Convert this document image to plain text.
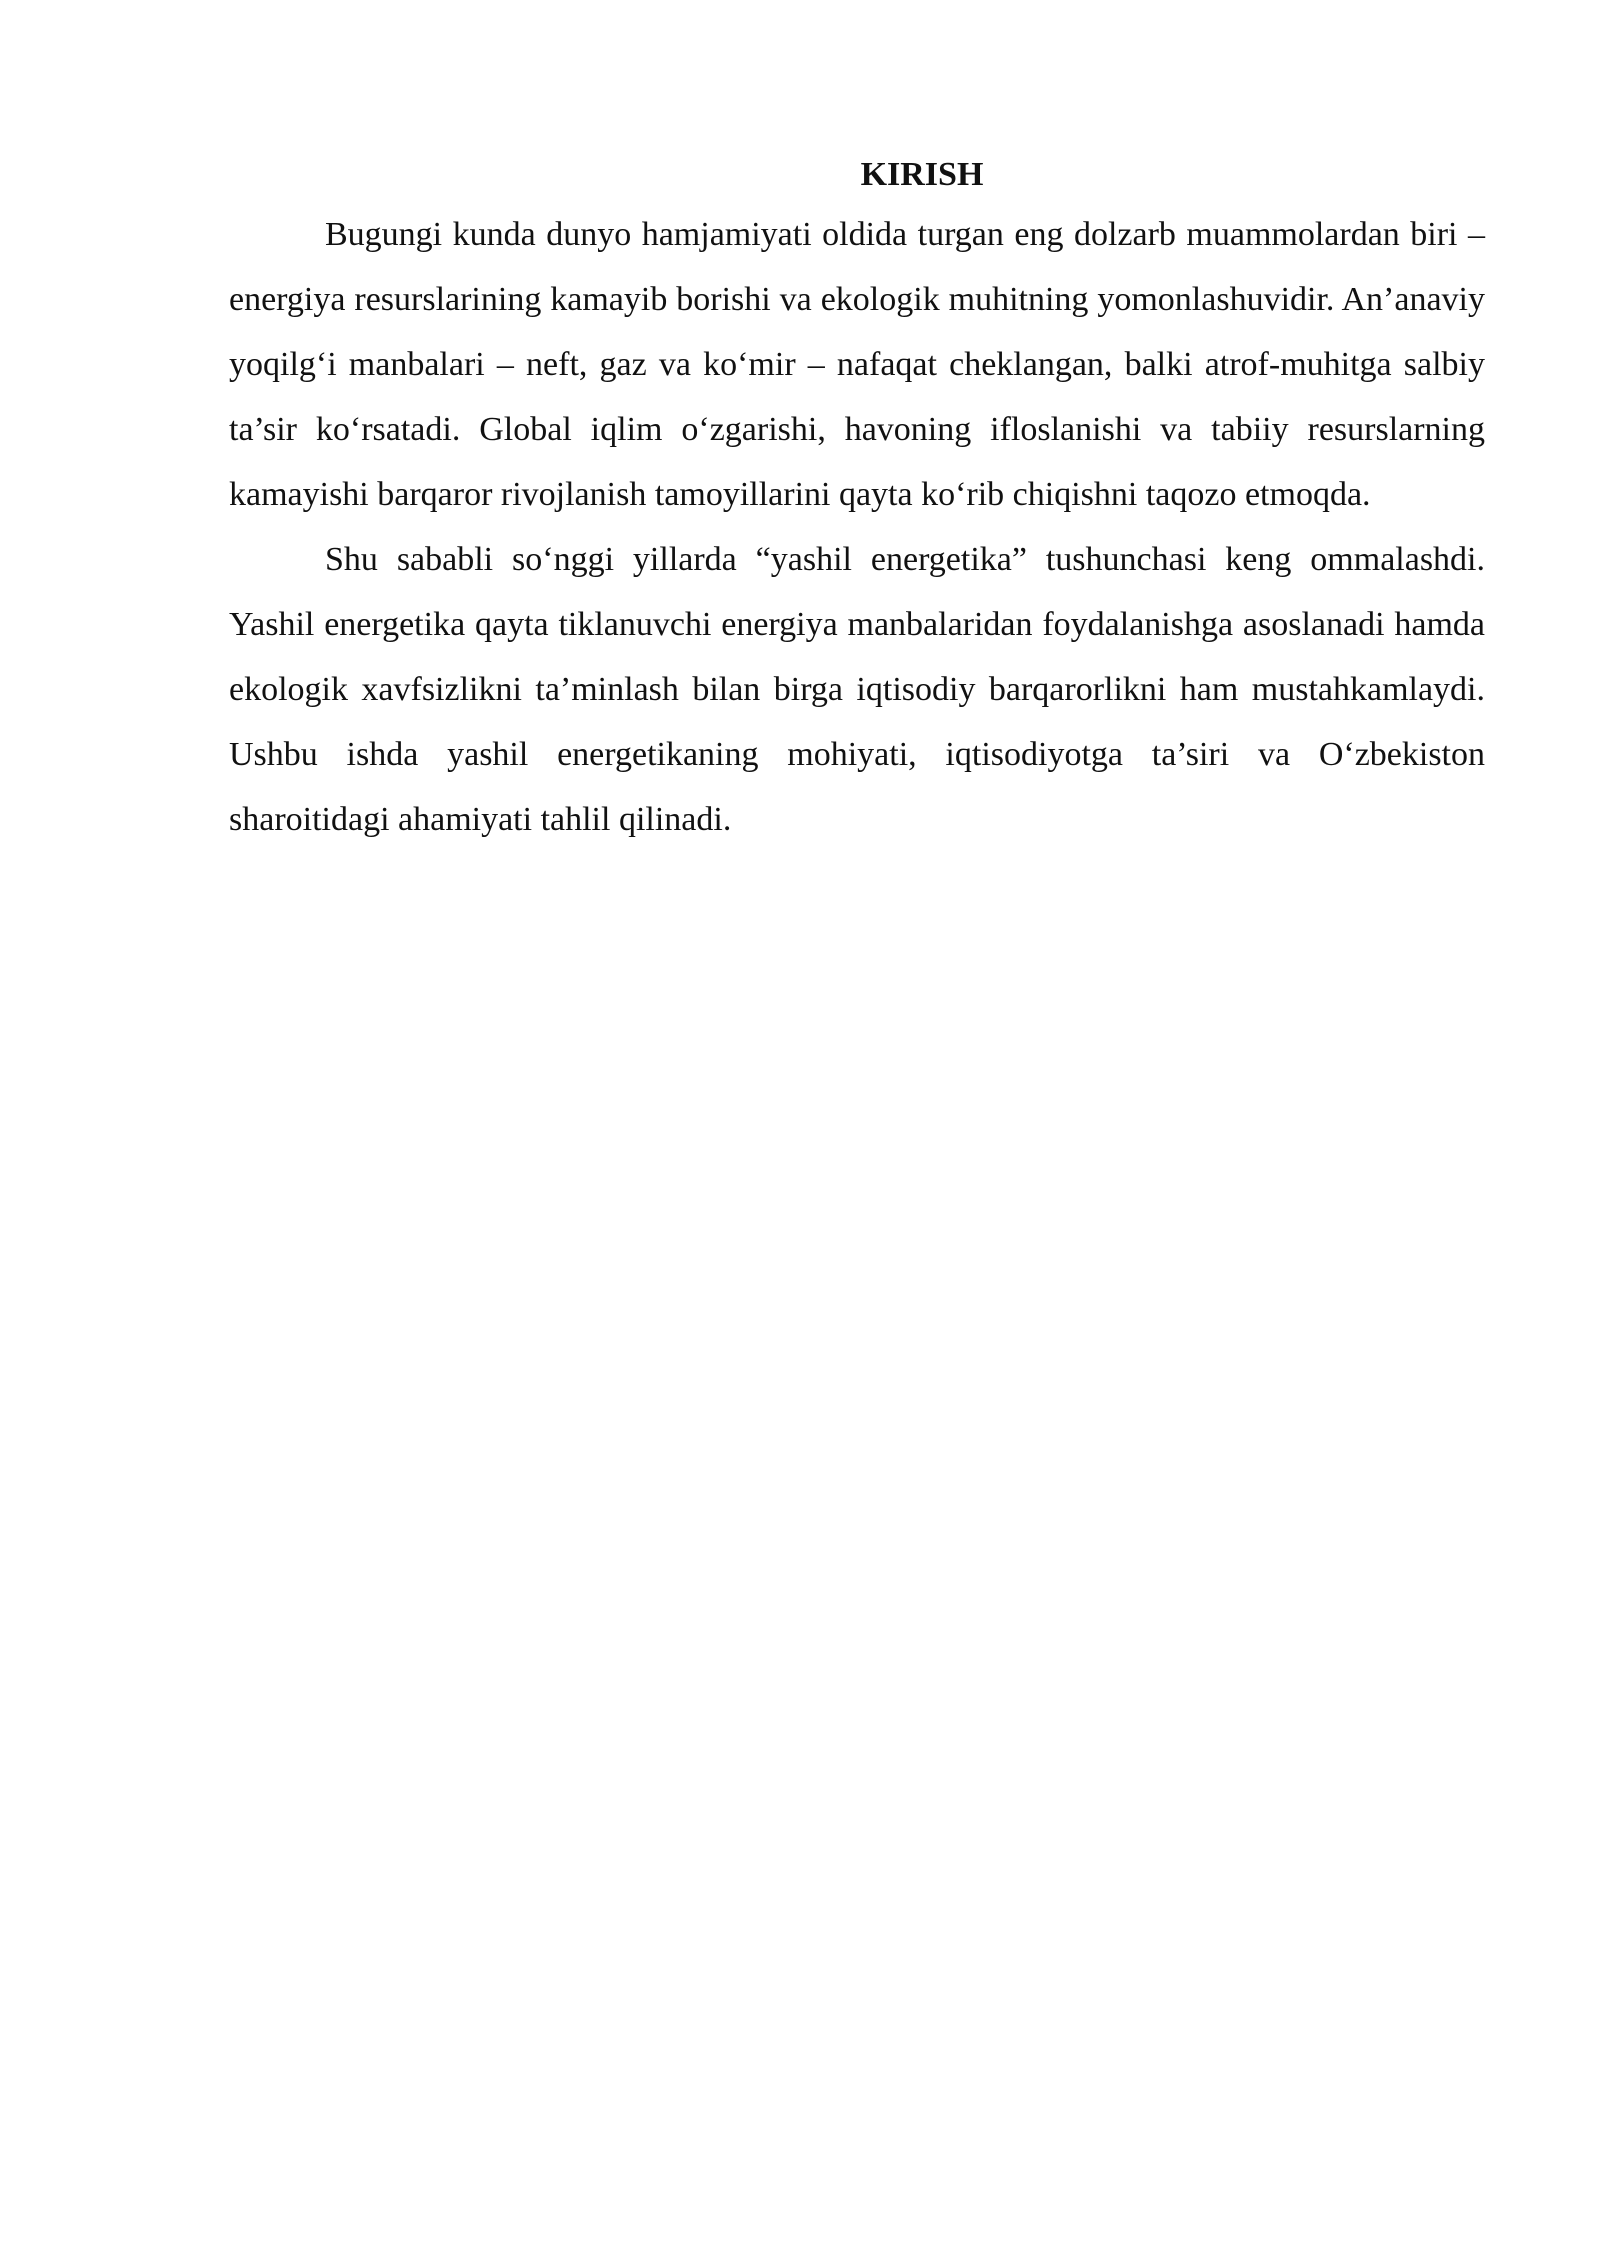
KIRISH

Bugungi kunda dunyo hamjamiyati oldida turgan eng dolzarb muammolardan biri – energiya resurslarining kamayib borishi va ekologik muhitning yomonlashuvidir. An’anaviy yoqilg‘i manbalari – neft, gaz va ko‘mir – nafaqat cheklangan, balki atrof-muhitga salbiy ta’sir ko‘rsatadi. Global iqlim o‘zgarishi, havoning ifloslanishi va tabiiy resurslarning kamayishi barqaror rivojlanish tamoyillarini qayta ko‘rib chiqishni taqozo etmoqda.

Shu sababli so‘nggi yillarda “yashil energetika” tushunchasi keng ommalashdi. Yashil energetika qayta tiklanuvchi energiya manbalaridan foydalanishga asoslanadi hamda ekologik xavfsizlikni ta’minlash bilan birga iqtisodiy barqarorlikni ham mustahkamlaydi. Ushbu ishda yashil energetikaning mohiyati, iqtisodiyotga ta’siri va O‘zbekiston sharoitidagi ahamiyati tahlil qilinadi.
